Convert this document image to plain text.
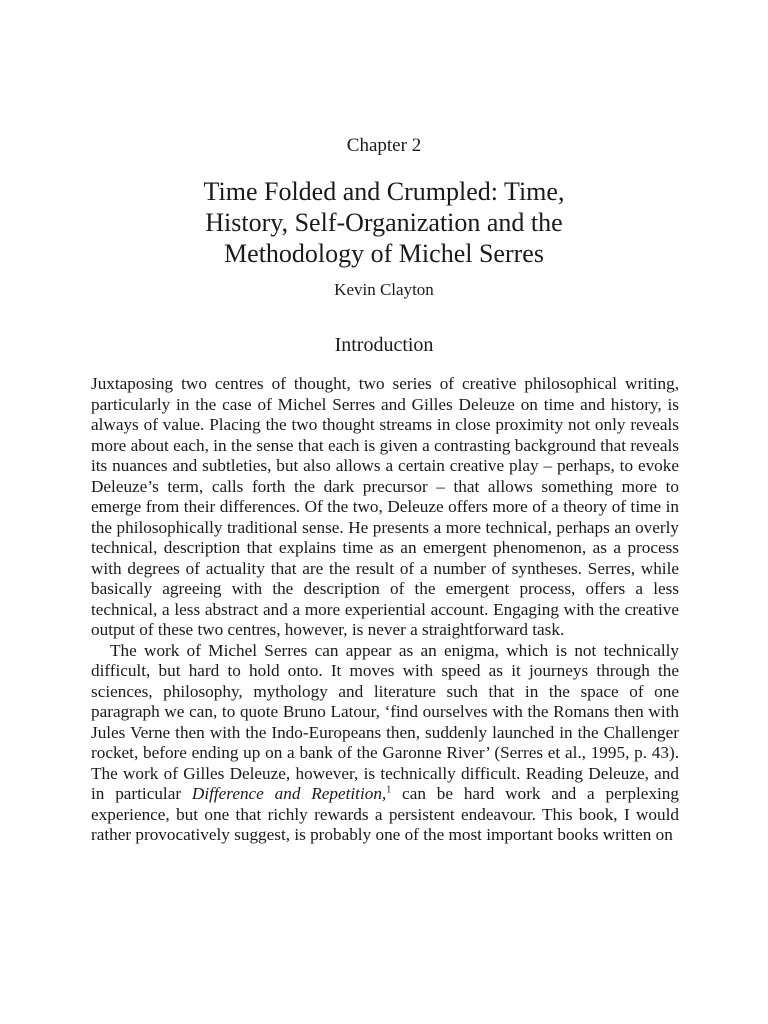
Chapter 2
Time Folded and Crumpled: Time,
History, Self-Organization and the
Methodology of Michel Serres
Kevin Clayton
Introduction

Juxtaposing two centres of thought, two series of creative philosophical writing, particularly in the case of Michel Serres and Gilles Deleuze on time and history, is always of value. Placing the two thought streams in close proximity not only reveals more about each, in the sense that each is given a contrasting background that reveals its nuances and subtleties, but also allows a certain creative play – perhaps, to evoke Deleuze’s term, calls forth the dark precursor – that allows something more to emerge from their differences. Of the two, Deleuze offers more of a theory of time in the philosophically traditional sense. He presents a more technical, perhaps an overly technical, description that explains time as an emergent phenomenon, as a process with degrees of actuality that are the result of a number of syntheses. Serres, while basically agreeing with the description of the emergent process, offers a less technical, a less abstract and a more experiential account. Engaging with the creative output of these two centres, however, is never a straightforward task.

The work of Michel Serres can appear as an enigma, which is not technically difficult, but hard to hold onto. It moves with speed as it journeys through the sciences, philosophy, mythology and literature such that in the space of one paragraph we can, to quote Bruno Latour, ‘find ourselves with the Romans then with Jules Verne then with the Indo-Europeans then, suddenly launched in the Challenger rocket, before ending up on a bank of the Garonne River’ (Serres et al., 1995, p. 43). The work of Gilles Deleuze, however, is technically difficult. Reading Deleuze, and in particular Difference and Repetition,$^1$ can be hard work and a perplexing experience, but one that richly rewards a persistent endeavour. This book, I would rather provocatively suggest, is probably one of the most important books written on
